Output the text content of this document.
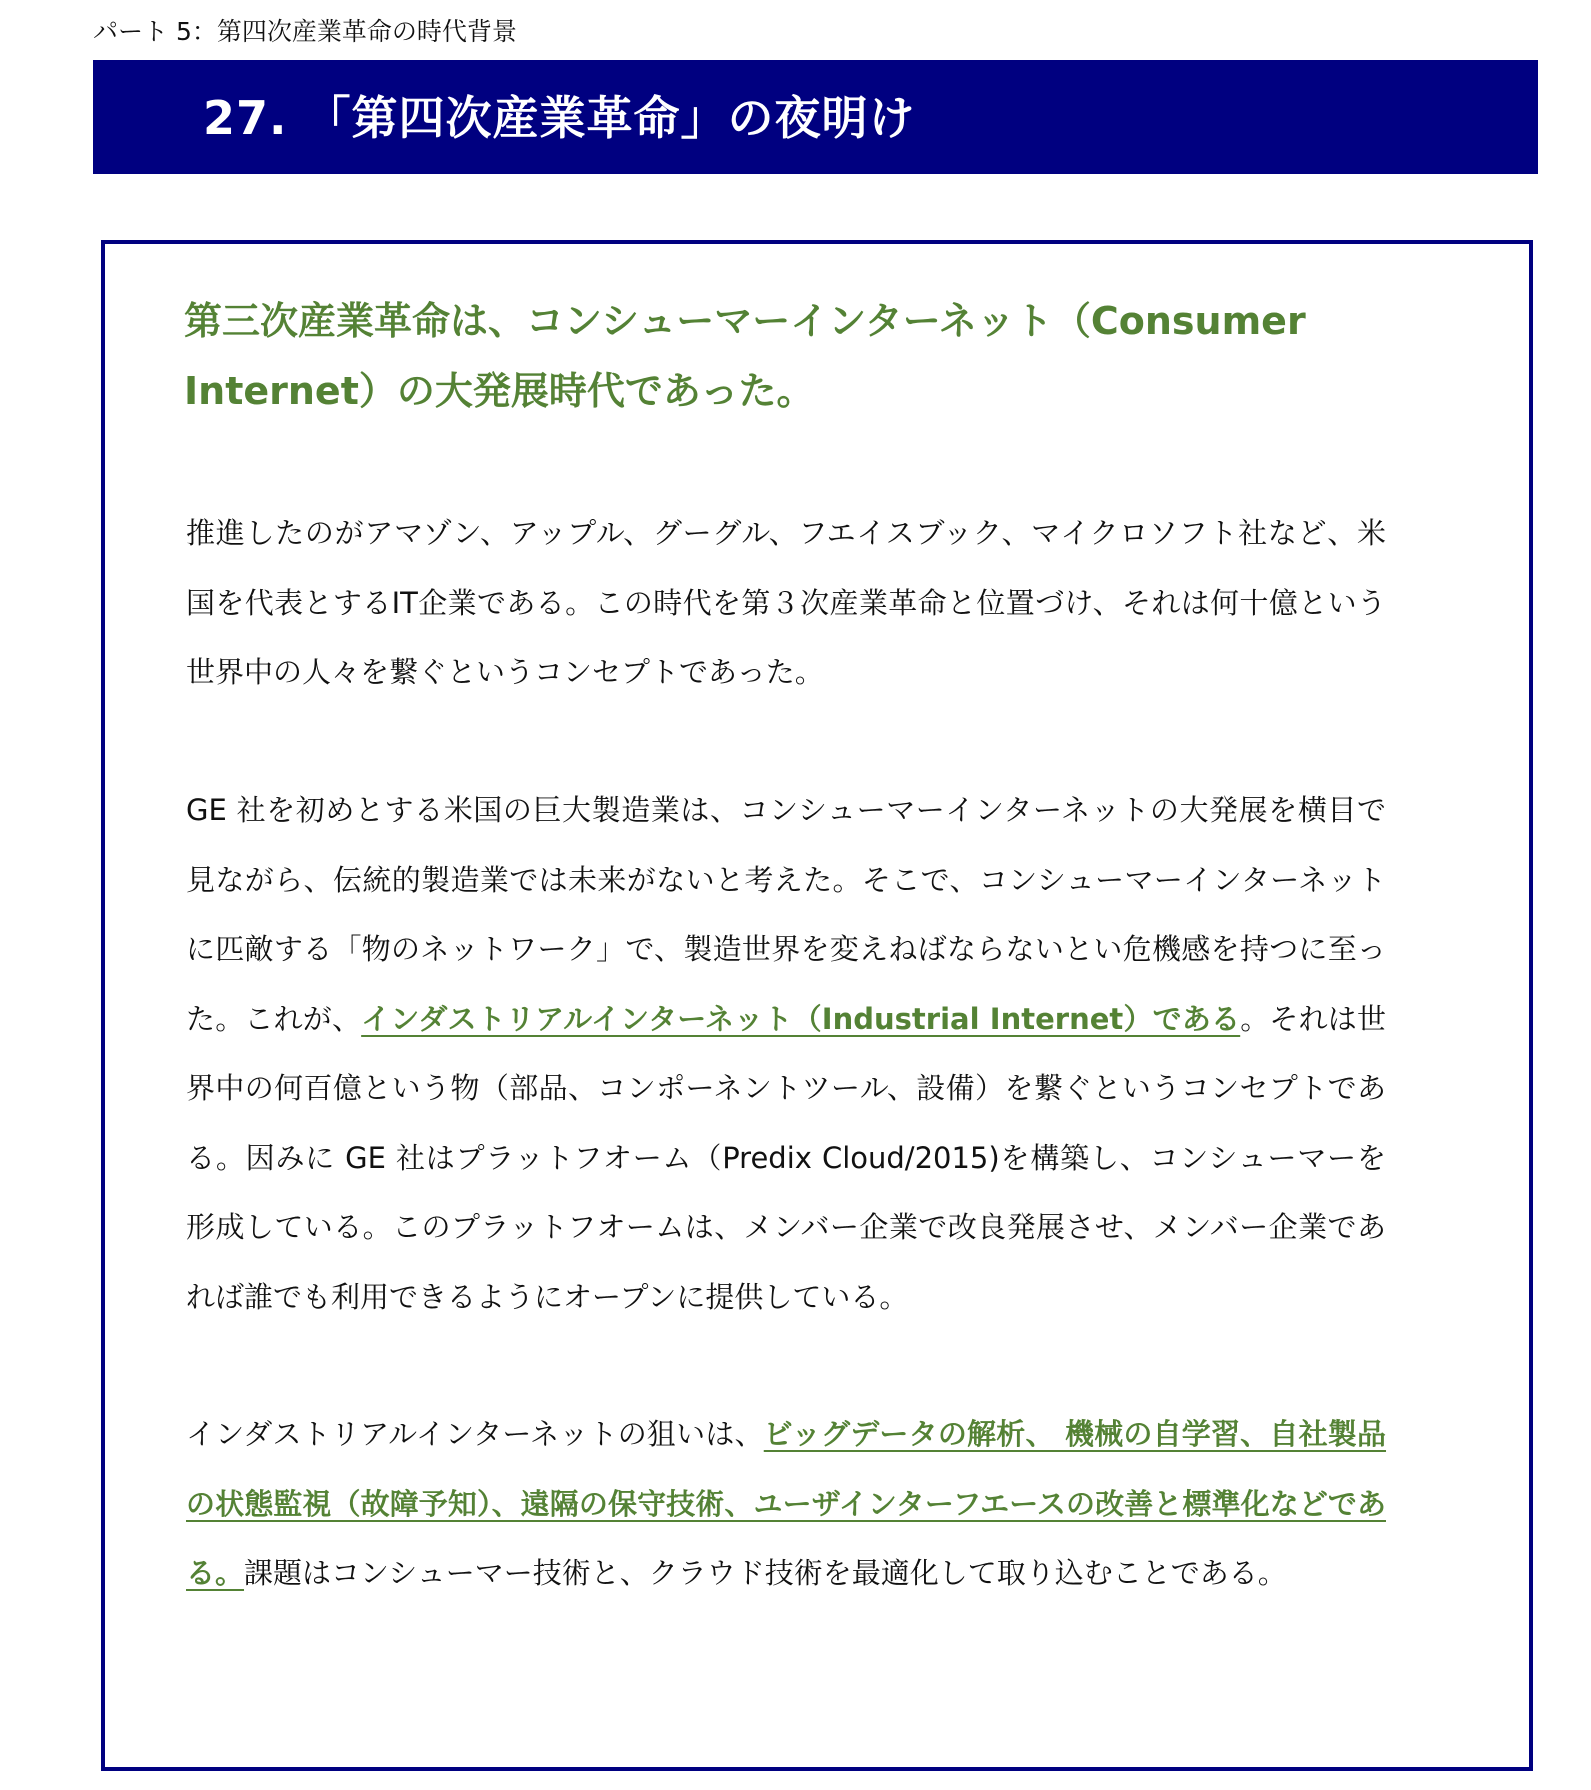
パート 5：第四次産業革命の時代背景
27. 「第四次産業革命」の夜明け

第三次産業革命は、コンシューマーインターネット（Consumer Internet）の大発展時代であった。

推進したのがアマゾン、アップル、グーグル、フエイスブック、マイクロソフト社など、米国を代表とするIT企業である。この時代を第３次産業革命と位置づけ、それは何十億という世界中の人々を繋ぐというコンセプトであった。

GE 社を初めとする米国の巨大製造業は、コンシューマーインターネットの大発展を横目で見ながら、伝統的製造業では未来がないと考えた。そこで、コンシューマーインターネットに匹敵する「物のネットワーク」で、製造世界を変えねばならないとい危機感を持つに至った。これが、インダストリアルインターネット（Industrial Internet）である。それは世界中の何百億という物（部品、コンポーネントツール、設備）を繋ぐというコンセプトである。因みに GE 社はプラットフオーム（Predix Cloud/2015)を構築し、コンシューマーを形成している。このプラットフオームは、メンバー企業で改良発展させ、メンバー企業であれば誰でも利用できるようにオープンに提供している。

インダストリアルインターネットの狙いは、ビッグデータの解析、 機械の自学習、自社製品の状態監視（故障予知）、遠隔の保守技術、ユーザインターフエースの改善と標準化などである。課題はコンシューマー技術と、クラウド技術を最適化して取り込むことである。
